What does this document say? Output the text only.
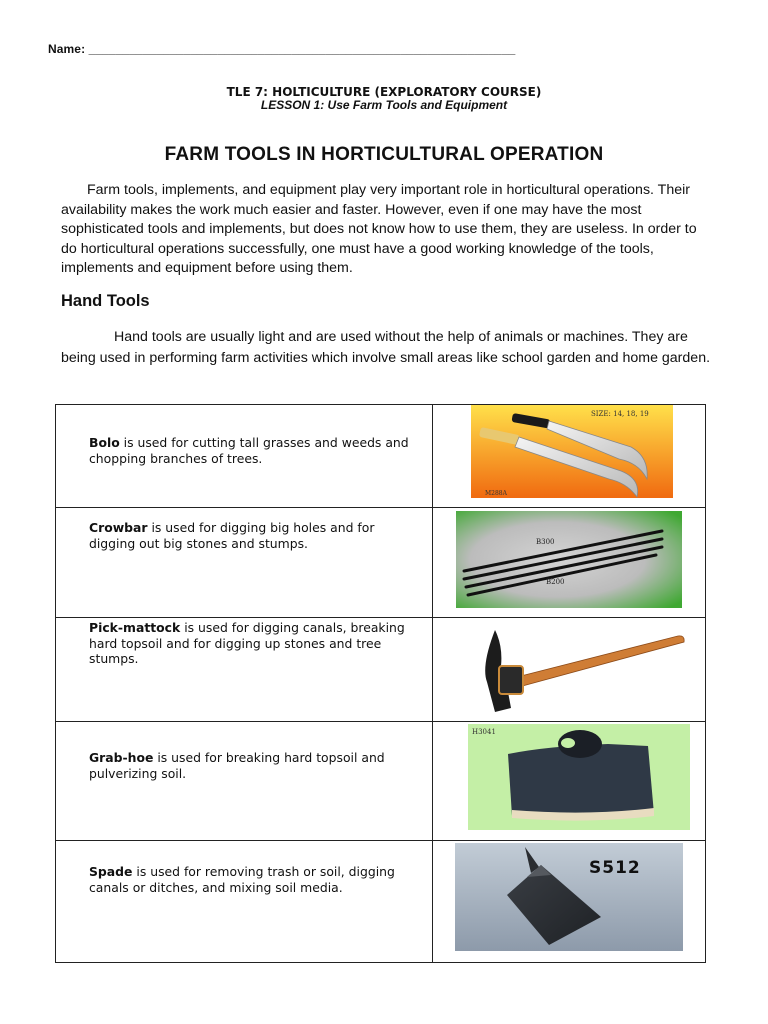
Name: _______________________________________________________________
TLE 7: HOLTICULTURE (EXPLORATORY COURSE)
LESSON 1: Use Farm Tools and Equipment
FARM TOOLS IN HORTICULTURAL OPERATION

Farm tools, implements, and equipment play very important role in horticultural operations. Their availability makes the work much easier and faster. However, even if one may have the most sophisticated tools and implements, but does not know how to use them, they are useless. In order to do horticultural operations successfully, one must have a good working knowledge of the tools, implements and equipment before using them.

Hand Tools

Hand tools are usually light and are used without the help of animals or machines. They are being used in performing farm activities which involve small areas like school garden and home garden.

Bolo is used for cutting tall grasses and weeds and chopping branches of trees.	SIZE: 14, 18, 19
M288A

Crowbar is used for digging big holes and for digging out big stones and stumps.	B300
B200

Pick-mattock is used for digging canals, breaking hard topsoil and for digging up stones and tree stumps.

Grab-hoe is used for breaking hard topsoil and pulverizing soil.	H3041

Spade is used for removing trash or soil, digging canals or ditches, and mixing soil media.	S512
